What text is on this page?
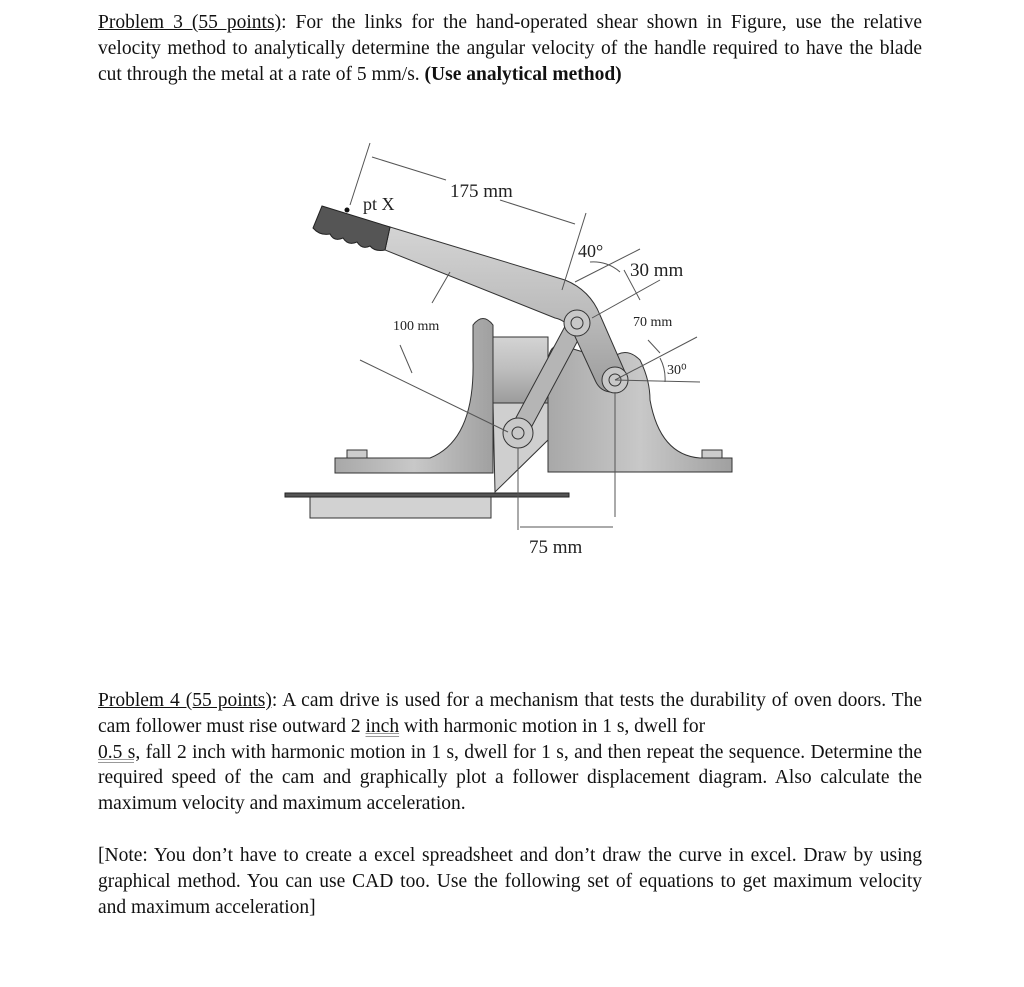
Problem 3 (55 points): For the links for the hand-operated shear shown in Figure, use the relative velocity method to analytically determine the angular velocity of the handle required to have the blade cut through the metal at a rate of 5 mm/s. (Use analytical method)
pt X
175 mm
40°
30 mm
100 mm	70 mm
30⁰
75 mm
Problem 4 (55 points): A cam drive is used for a mechanism that tests the durability of oven doors. The cam follower must rise outward 2 inch with harmonic motion in 1 s, dwell for
0.5 s, fall 2 inch with harmonic motion in 1 s, dwell for 1 s, and then repeat the sequence. Determine the required speed of the cam and graphically plot a follower displacement diagram. Also calculate the maximum velocity and maximum acceleration.
[Note: You don’t have to create a excel spreadsheet and don’t draw the curve in excel. Draw by using graphical method. You can use CAD too. Use the following set of equations to get maximum velocity and maximum acceleration]
